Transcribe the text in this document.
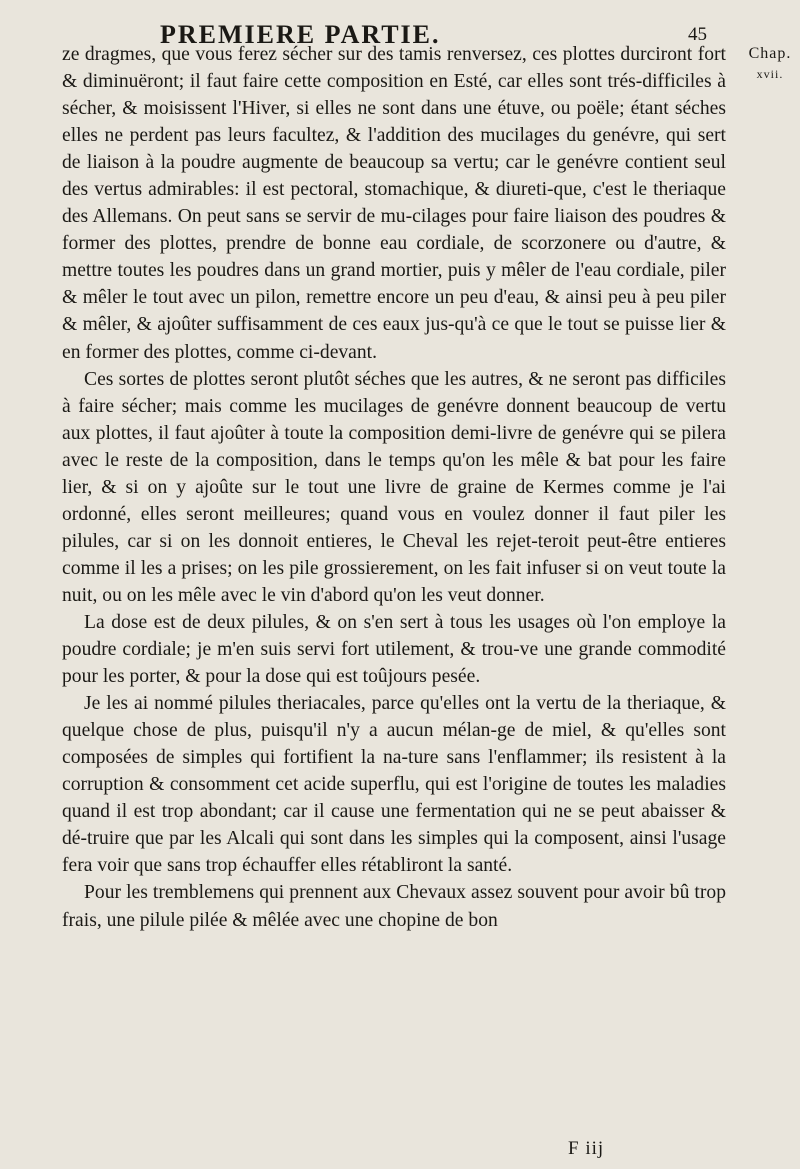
PREMIERE PARTIE.	45
Chap.
xvii.

ze dragmes, que vous ferez sécher sur des tamis renversez, ces plottes durciront fort & diminuëront; il faut faire cette composition en Esté, car elles sont trés-difficiles à sécher, & moisissent l'Hiver, si elles ne sont dans une étuve, ou poële; étant séches elles ne perdent pas leurs facultez, & l'addition des mucilages du genévre, qui sert de liaison à la poudre augmente de beaucoup sa vertu; car le genévre contient seul des vertus admirables: il est pectoral, stomachique, & diureti-que, c'est le theriaque des Allemans. On peut sans se servir de mu-cilages pour faire liaison des poudres & former des plottes, prendre de bonne eau cordiale, de scorzonere ou d'autre, & mettre toutes les poudres dans un grand mortier, puis y mêler de l'eau cordiale, piler & mêler le tout avec un pilon, remettre encore un peu d'eau, & ainsi peu à peu piler & mêler, & ajoûter suffisamment de ces eaux jus-qu'à ce que le tout se puisse lier & en former des plottes, comme ci-devant.

Ces sortes de plottes seront plutôt séches que les autres, & ne seront pas difficiles à faire sécher; mais comme les mucilages de genévre donnent beaucoup de vertu aux plottes, il faut ajoûter à toute la composition demi-livre de genévre qui se pilera avec le reste de la composition, dans le temps qu'on les mêle & bat pour les faire lier, & si on y ajoûte sur le tout une livre de graine de Kermes comme je l'ai ordonné, elles seront meilleures; quand vous en voulez donner il faut piler les pilules, car si on les donnoit entieres, le Cheval les rejet-teroit peut-être entieres comme il les a prises; on les pile grossierement, on les fait infuser si on veut toute la nuit, ou on les mêle avec le vin d'abord qu'on les veut donner.

La dose est de deux pilules, & on s'en sert à tous les usages où l'on employe la poudre cordiale; je m'en suis servi fort utilement, & trou-ve une grande commodité pour les porter, & pour la dose qui est toûjours pesée.

Je les ai nommé pilules theriacales, parce qu'elles ont la vertu de la theriaque, & quelque chose de plus, puisqu'il n'y a aucun mélan-ge de miel, & qu'elles sont composées de simples qui fortifient la na-ture sans l'enflammer; ils resistent à la corruption & consomment cet acide superflu, qui est l'origine de toutes les maladies quand il est trop abondant; car il cause une fermentation qui ne se peut abaisser & dé-truire que par les Alcali qui sont dans les simples qui la composent, ainsi l'usage fera voir que sans trop échauffer elles rétabliront la santé.

Pour les tremblemens qui prennent aux Chevaux assez souvent pour avoir bû trop frais, une pilule pilée & mêlée avec une chopine de bon

F iij
